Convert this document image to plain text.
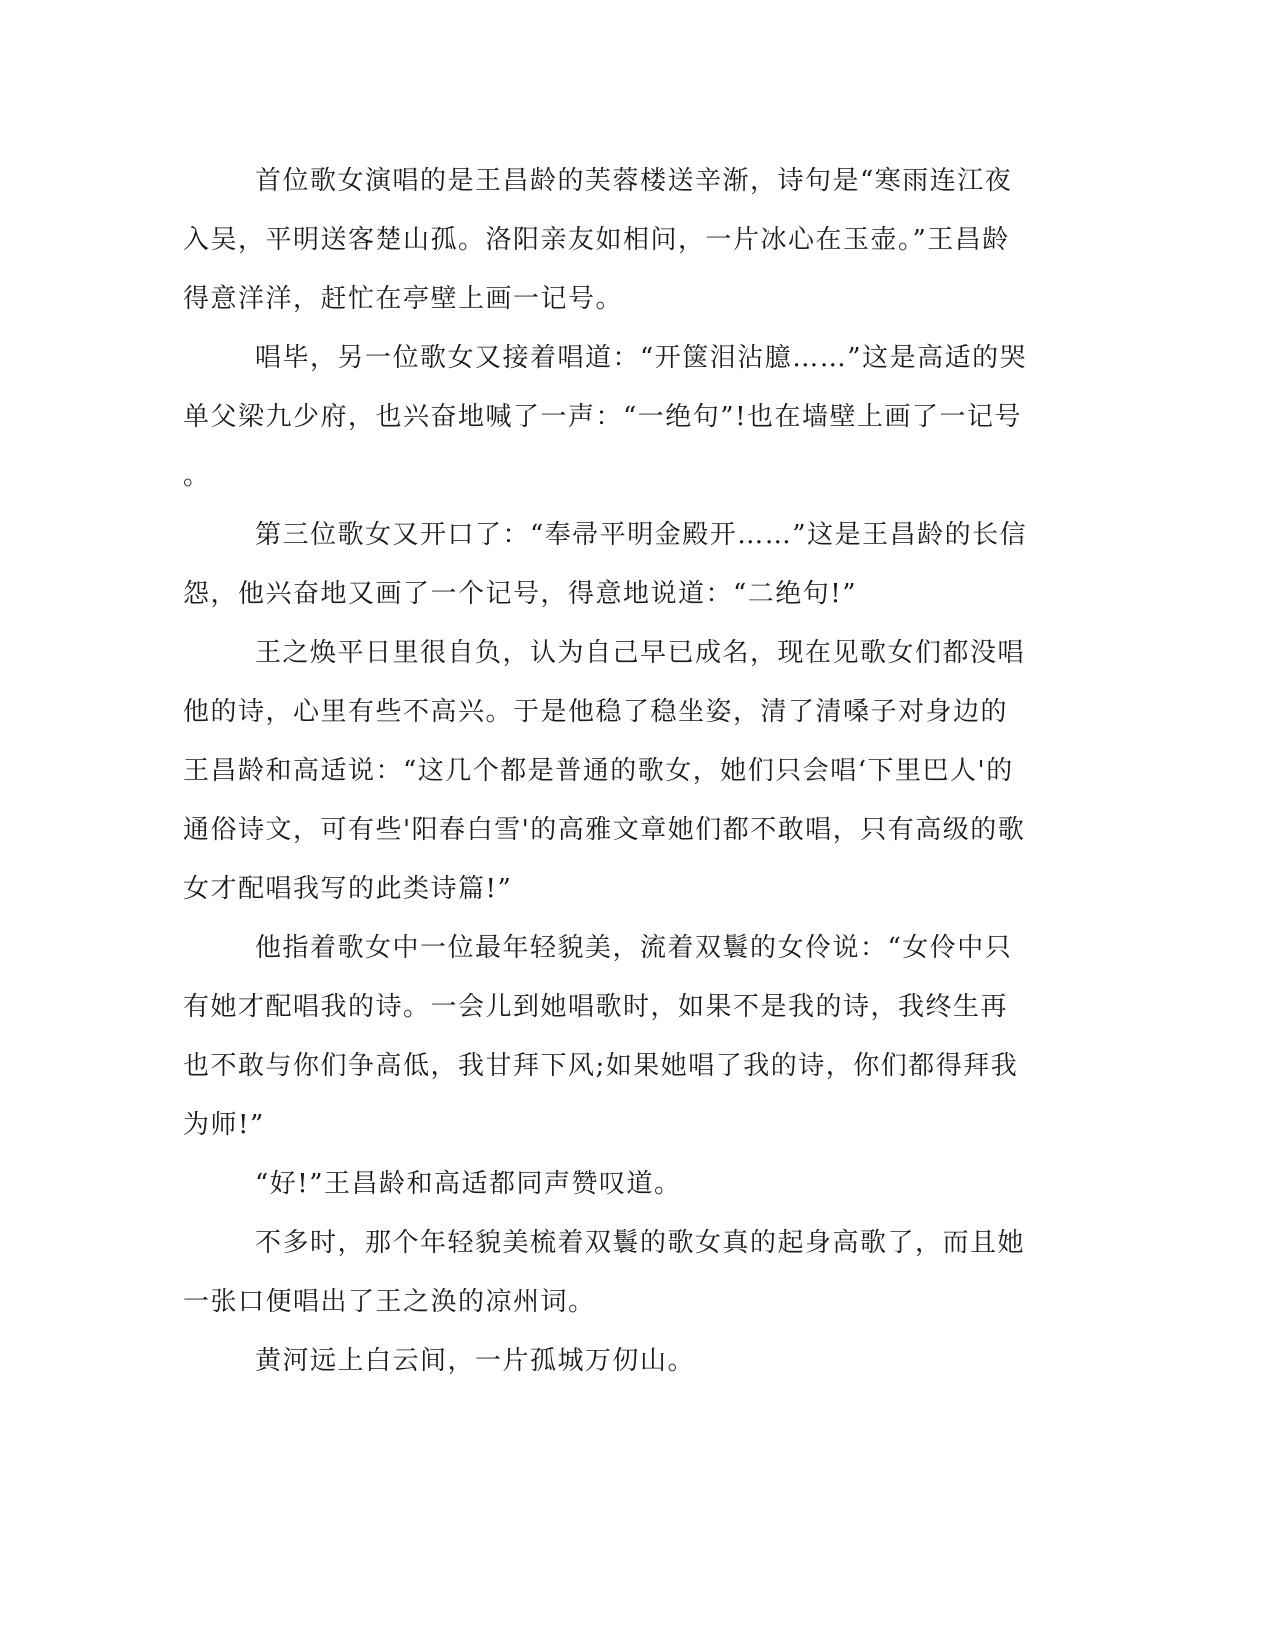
首位歌女演唱的是王昌龄的芙蓉楼送辛渐，诗句是“寒雨连江夜
入吴，平明送客楚山孤。洛阳亲友如相问，一片冰心在玉壶。”王昌龄
得意洋洋，赶忙在亭壁上画一记号。

唱毕，另一位歌女又接着唱道：“开箧泪沾臆……”这是高适的哭
单父梁九少府，也兴奋地喊了一声：“一绝句”!也在墙壁上画了一记号
。

第三位歌女又开口了：“奉帚平明金殿开……”这是王昌龄的长信
怨，他兴奋地又画了一个记号，得意地说道：“二绝句!”

王之焕平日里很自负，认为自己早已成名，现在见歌女们都没唱
他的诗，心里有些不高兴。于是他稳了稳坐姿，清了清嗓子对身边的
王昌龄和高适说：“这几个都是普通的歌女，她们只会唱‘下里巴人'的
通俗诗文，可有些'阳春白雪'的高雅文章她们都不敢唱，只有高级的歌
女才配唱我写的此类诗篇!”

他指着歌女中一位最年轻貌美，流着双鬟的女伶说：“女伶中只
有她才配唱我的诗。一会儿到她唱歌时，如果不是我的诗，我终生再
也不敢与你们争高低，我甘拜下风;如果她唱了我的诗，你们都得拜我
为师!”

“好!”王昌龄和高适都同声赞叹道。

不多时，那个年轻貌美梳着双鬟的歌女真的起身高歌了，而且她
一张口便唱出了王之涣的凉州词。

黄河远上白云间，一片孤城万仞山。
